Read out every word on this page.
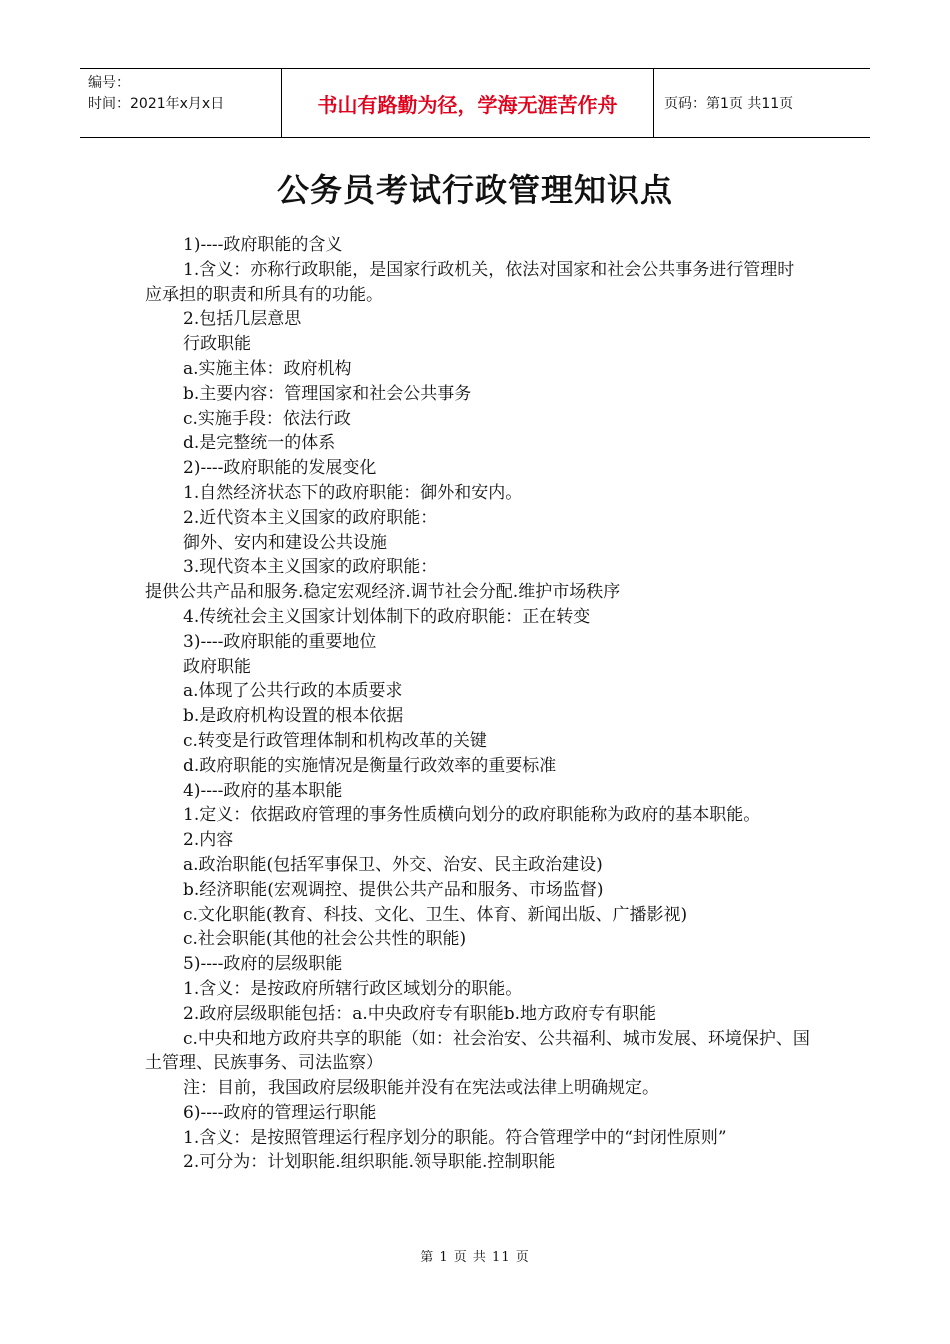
编号：
时间：2021年x月x日	书山有路勤为径，学海无涯苦作舟	页码：第1页 共11页
公务员考试行政管理知识点

1)----政府职能的含义

1.含义：亦称行政职能，是国家行政机关，依法对国家和社会公共事务进行管理时应承担的职责和所具有的功能。

2.包括几层意思

行政职能

a.实施主体：政府机构

b.主要内容：管理国家和社会公共事务

c.实施手段：依法行政

d.是完整统一的体系

2)----政府职能的发展变化

1.自然经济状态下的政府职能：御外和安内。

2.近代资本主义国家的政府职能：

御外、安内和建设公共设施

3.现代资本主义国家的政府职能：

提供公共产品和服务.稳定宏观经济.调节社会分配.维护市场秩序

4.传统社会主义国家计划体制下的政府职能：正在转变

3)----政府职能的重要地位

政府职能

a.体现了公共行政的本质要求

b.是政府机构设置的根本依据

c.转变是行政管理体制和机构改革的关键

d.政府职能的实施情况是衡量行政效率的重要标准

4)----政府的基本职能

1.定义：依据政府管理的事务性质横向划分的政府职能称为政府的基本职能。

2.内容

a.政治职能(包括军事保卫、外交、治安、民主政治建设)

b.经济职能(宏观调控、提供公共产品和服务、市场监督)

c.文化职能(教育、科技、文化、卫生、体育、新闻出版、广播影视)

c.社会职能(其他的社会公共性的职能)

5)----政府的层级职能

1.含义：是按政府所辖行政区域划分的职能。

2.政府层级职能包括：a.中央政府专有职能b.地方政府专有职能

c.中央和地方政府共享的职能（如：社会治安、公共福利、城市发展、环境保护、国土管理、民族事务、司法监察）

注：目前，我国政府层级职能并没有在宪法或法律上明确规定。

6)----政府的管理运行职能

1.含义：是按照管理运行程序划分的职能。符合管理学中的“封闭性原则”

2.可分为：计划职能.组织职能.领导职能.控制职能

第 1 页 共 11 页
